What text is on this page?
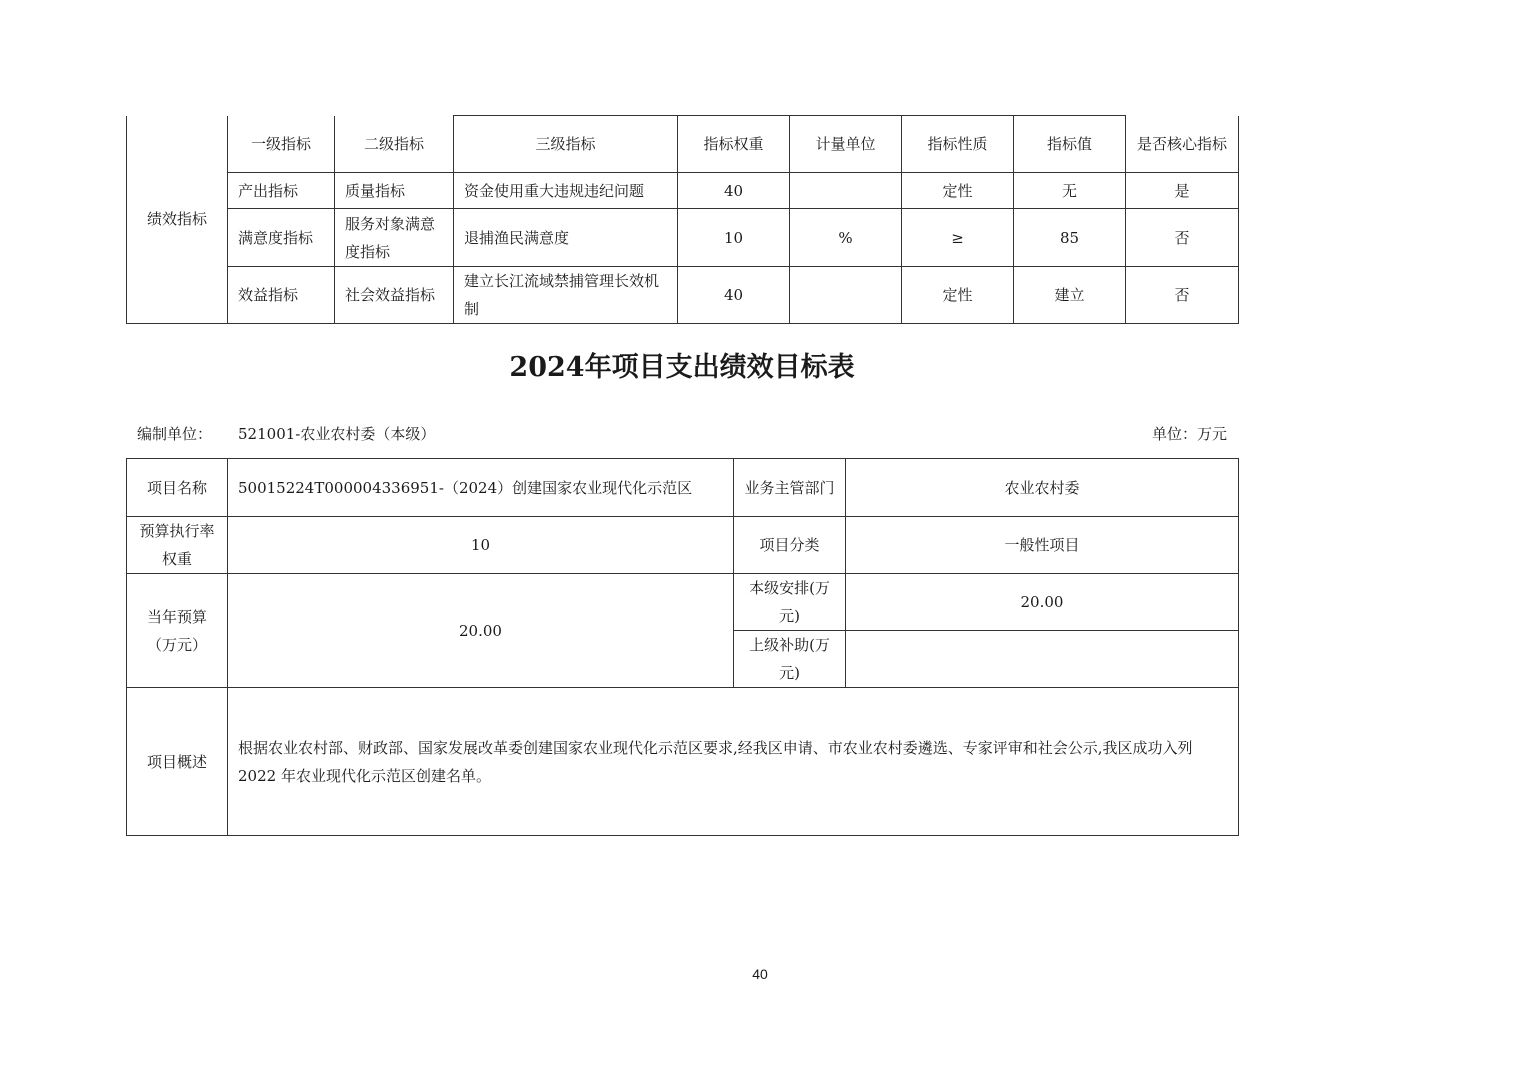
绩效指标	一级指标	二级指标	三级指标	指标权重	计量单位	指标性质	指标值	是否核心指标
	产出指标	质量指标	资金使用重大违规违纪问题	40		定性	无	是
	满意度指标	服务对象满意度指标	退捕渔民满意度	10	%	≥	85	否
	效益指标	社会效益指标	建立长江流域禁捕管理长效机制	40		定性	建立	否
2024年项目支出绩效目标表
编制单位： 521001-农业农村委（本级）	单位：万元
项目名称	50015224T000004336951-（2024）创建国家农业现代化示范区	业务主管部门	农业农村委
预算执行率权重	10	项目分类	一般性项目
当年预算（万元）	20.00	本级安排(万元)	20.00
		上级补助(万元)	
项目概述	根据农业农村部、财政部、国家发展改革委创建国家农业现代化示范区要求,经我区申请、市农业农村委遴选、专家评审和社会公示,我区成功入列 2022 年农业现代化示范区创建名单。		
40
